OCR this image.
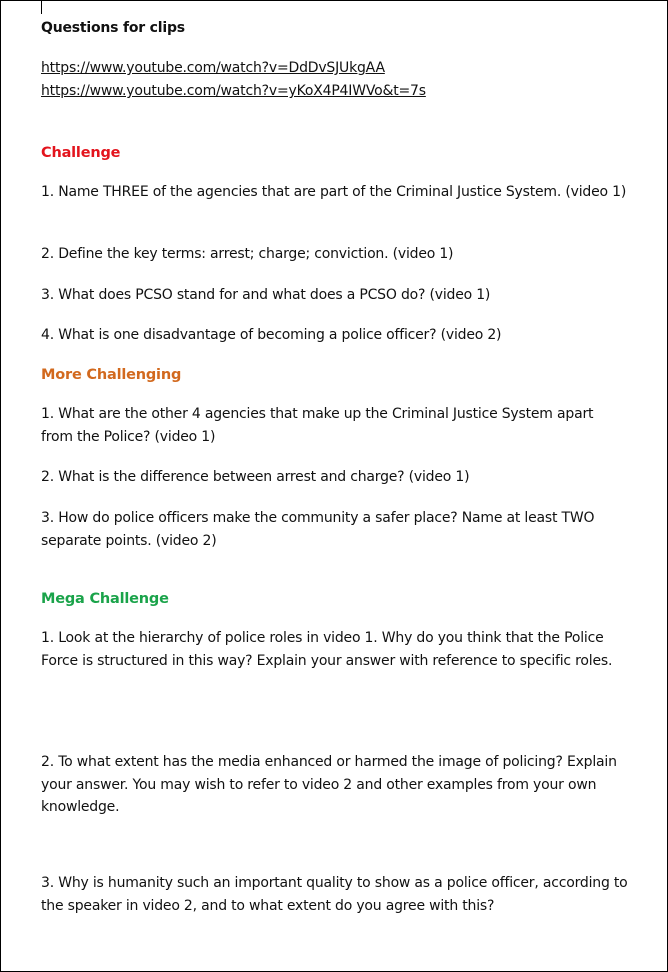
Questions for clips
https://www.youtube.com/watch?v=DdDvSJUkgAA
https://www.youtube.com/watch?v=yKoX4P4IWVo&t=7s
Challenge
1. Name THREE of the agencies that are part of the Criminal Justice System. (video 1)
2. Define the key terms: arrest; charge; conviction. (video 1)
3. What does PCSO stand for and what does a PCSO do? (video 1)
4. What is one disadvantage of becoming a police officer? (video 2)
More Challenging
1. What are the other 4 agencies that make up the Criminal Justice System apart from the Police? (video 1)
2. What is the difference between arrest and charge? (video 1)
3. How do police officers make the community a safer place? Name at least TWO separate points. (video 2)
Mega Challenge
1. Look at the hierarchy of police roles in video 1. Why do you think that the Police Force is structured in this way? Explain your answer with reference to specific roles.
2. To what extent has the media enhanced or harmed the image of policing? Explain your answer. You may wish to refer to video 2 and other examples from your own knowledge.
3. Why is humanity such an important quality to show as a police officer, according to the speaker in video 2, and to what extent do you agree with this?
